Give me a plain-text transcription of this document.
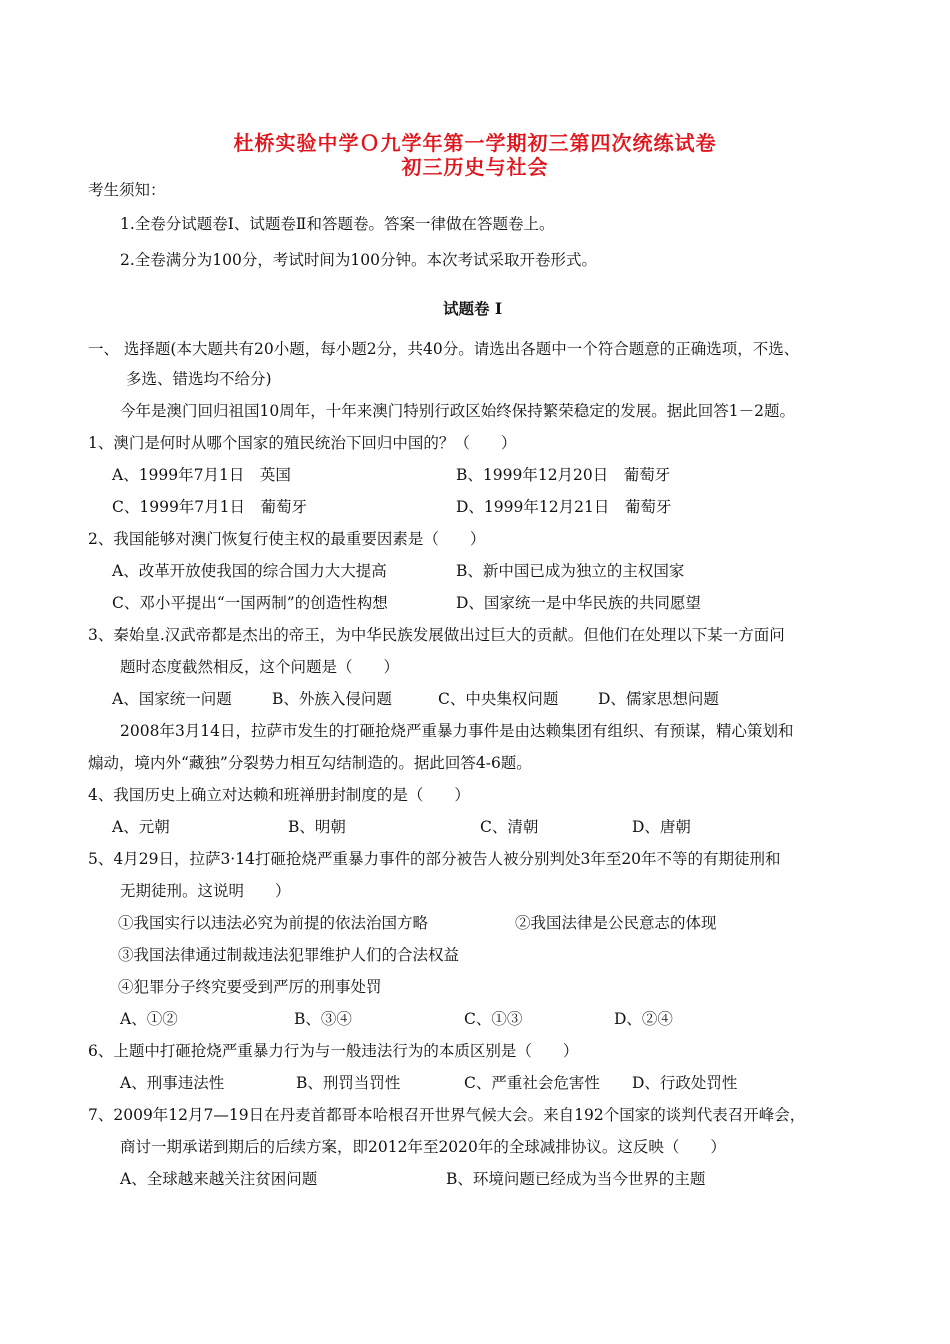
杜桥实验中学Ｏ九学年第一学期初三第四次统练试卷
初三历史与社会
考生须知：
1.全卷分试题卷Ⅰ、试题卷Ⅱ和答题卷。答案一律做在答题卷上。
2.全卷满分为100分，考试时间为100分钟。本次考试采取开卷形式。
试题卷 Ⅰ
一、 选择题(本大题共有20小题，每小题2分，共40分。请选出各题中一个符合题意的正确选项，不选、
多选、错选均不给分)
今年是澳门回归祖国10周年，十年来澳门特别行政区始终保持繁荣稳定的发展。据此回答1－2题。
1、澳门是何时从哪个国家的殖民统治下回归中国的？（　　）
A、1999年7月1日　英国	B、1999年12月20日　葡萄牙
C、1999年7月1日　葡萄牙	D、1999年12月21日　葡萄牙
2、我国能够对澳门恢复行使主权的最重要因素是（　　）
A、改革开放使我国的综合国力大大提高	B、新中国已成为独立的主权国家
C、邓小平提出“一国两制”的创造性构想	D、国家统一是中华民族的共同愿望
3、秦始皇.汉武帝都是杰出的帝王，为中华民族发展做出过巨大的贡献。但他们在处理以下某一方面问
题时态度截然相反，这个问题是（　　）
A、国家统一问题	B、外族入侵问题	C、中央集权问题	D、儒家思想问题
2008年3月14日，拉萨市发生的打砸抢烧严重暴力事件是由达赖集团有组织、有预谋，精心策划和
煽动，境内外“藏独”分裂势力相互勾结制造的。据此回答4-6题。
4、我国历史上确立对达赖和班禅册封制度的是（　　）
A、元朝	B、明朝	C、清朝	D、唐朝
5、4月29日，拉萨3·14打砸抢烧严重暴力事件的部分被告人被分别判处3年至20年不等的有期徒刑和
无期徒刑。这说明　　）
①我国实行以违法必究为前提的依法治国方略	②我国法律是公民意志的体现
③我国法律通过制裁违法犯罪维护人们的合法权益
④犯罪分子终究要受到严厉的刑事处罚
A、①②	B、③④	C、①③	D、②④
6、上题中打砸抢烧严重暴力行为与一般违法行为的本质区别是（　　）
A、刑事违法性	B、刑罚当罚性	C、严重社会危害性 D、行政处罚性
7、2009年12月7—19日在丹麦首都哥本哈根召开世界气候大会。来自192个国家的谈判代表召开峰会，
商讨一期承诺到期后的后续方案，即2012年至2020年的全球减排协议。这反映（　　）
A、全球越来越关注贫困问题	B、环境问题已经成为当今世界的主题
